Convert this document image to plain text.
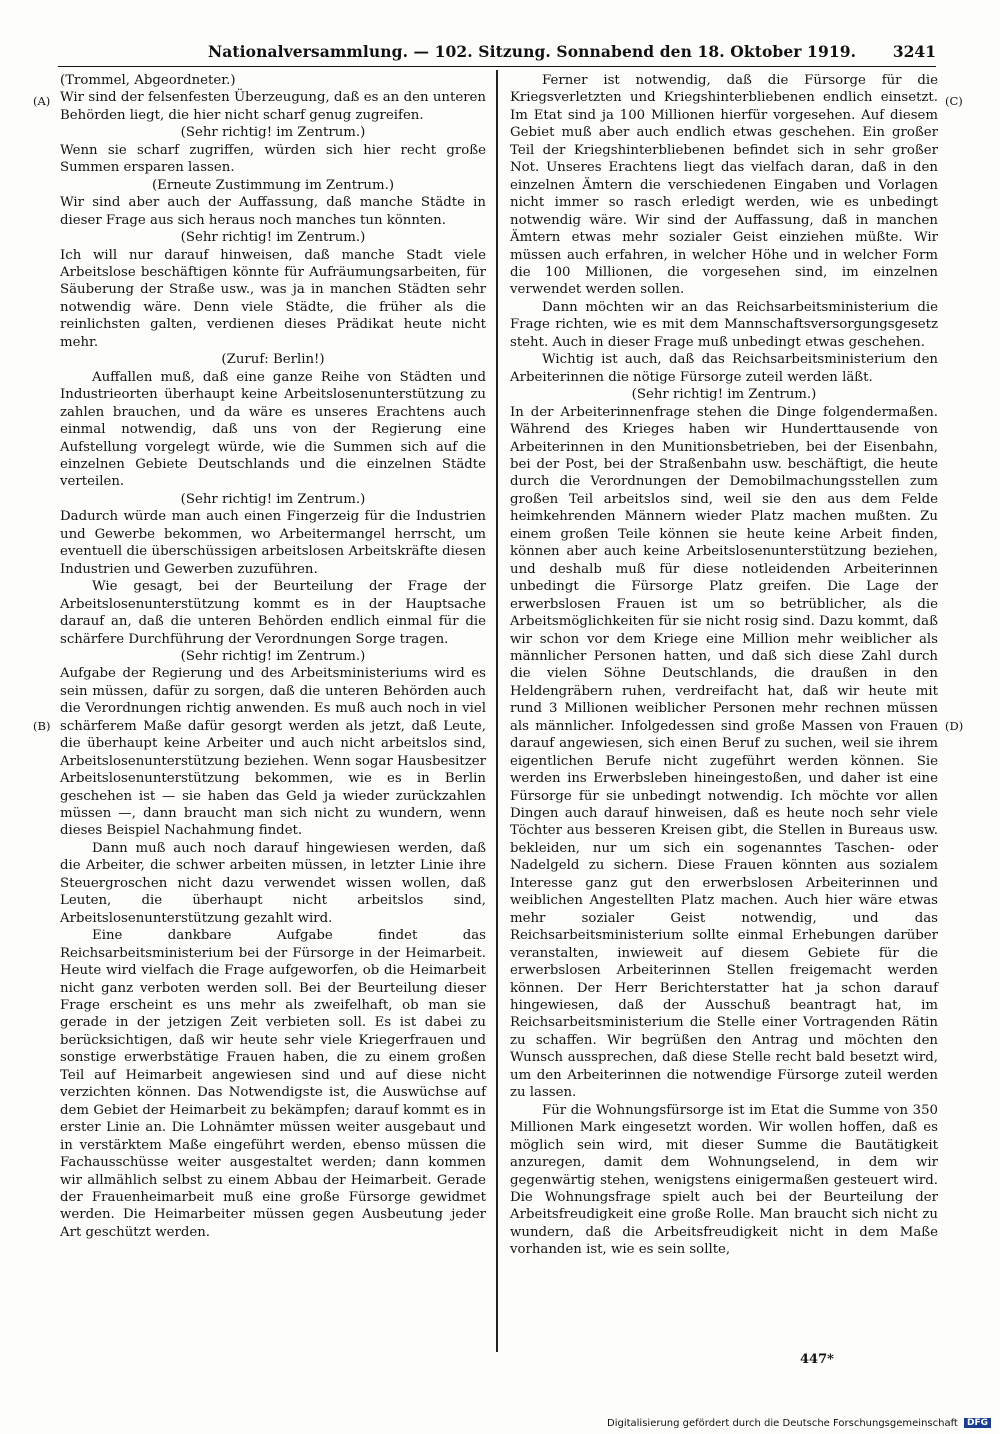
Nationalversammlung. — 102. Sitzung. Sonnabend den 18. Oktober 1919. 3241
(A)
(B)
(C)
(D)

(Trommel, Abgeordneter.)

Wir sind der felsenfesten Überzeugung, daß es an den unteren Behörden liegt, die hier nicht scharf genug zugreifen.

(Sehr richtig! im Zentrum.)

Wenn sie scharf zugriffen, würden sich hier recht große Summen ersparen lassen.

(Erneute Zustimmung im Zentrum.)

Wir sind aber auch der Auffassung, daß manche Städte in dieser Frage aus sich heraus noch manches tun könnten.

(Sehr richtig! im Zentrum.)

Ich will nur darauf hinweisen, daß manche Stadt viele Arbeitslose beschäftigen könnte für Aufräumungsarbeiten, für Säuberung der Straße usw., was ja in manchen Städten sehr notwendig wäre. Denn viele Städte, die früher als die reinlichsten galten, verdienen dieses Prädikat heute nicht mehr.

(Zuruf: Berlin!)

Auffallen muß, daß eine ganze Reihe von Städten und Industrieorten überhaupt keine Arbeitslosenunterstützung zu zahlen brauchen, und da wäre es unseres Erachtens auch einmal notwendig, daß uns von der Regierung eine Aufstellung vorgelegt würde, wie die Summen sich auf die einzelnen Gebiete Deutschlands und die einzelnen Städte verteilen.

(Sehr richtig! im Zentrum.)

Dadurch würde man auch einen Fingerzeig für die Industrien und Gewerbe bekommen, wo Arbeitermangel herrscht, um eventuell die überschüssigen arbeitslosen Arbeitskräfte diesen Industrien und Gewerben zuzuführen.

Wie gesagt, bei der Beurteilung der Frage der Arbeitslosenunterstützung kommt es in der Hauptsache darauf an, daß die unteren Behörden endlich einmal für die schärfere Durchführung der Verordnungen Sorge tragen.

(Sehr richtig! im Zentrum.)

Aufgabe der Regierung und des Arbeitsministeriums wird es sein müssen, dafür zu sorgen, daß die unteren Behörden auch die Verordnungen richtig anwenden. Es muß auch noch in viel schärferem Maße dafür gesorgt werden als jetzt, daß Leute, die überhaupt keine Arbeiter und auch nicht arbeitslos sind, Arbeitslosenunterstützung beziehen. Wenn sogar Hausbesitzer Arbeitslosenunterstützung bekommen, wie es in Berlin geschehen ist — sie haben das Geld ja wieder zurückzahlen müssen —, dann braucht man sich nicht zu wundern, wenn dieses Beispiel Nachahmung findet.

Dann muß auch noch darauf hingewiesen werden, daß die Arbeiter, die schwer arbeiten müssen, in letzter Linie ihre Steuergroschen nicht dazu verwendet wissen wollen, daß Leuten, die überhaupt nicht arbeitslos sind, Arbeitslosenunterstützung gezahlt wird.

Eine dankbare Aufgabe findet das Reichsarbeitsministerium bei der Fürsorge in der Heimarbeit. Heute wird vielfach die Frage aufgeworfen, ob die Heimarbeit nicht ganz verboten werden soll. Bei der Beurteilung dieser Frage erscheint es uns mehr als zweifelhaft, ob man sie gerade in der jetzigen Zeit verbieten soll. Es ist dabei zu berücksichtigen, daß wir heute sehr viele Kriegerfrauen und sonstige erwerbstätige Frauen haben, die zu einem großen Teil auf Heimarbeit angewiesen sind und auf diese nicht verzichten können. Das Notwendigste ist, die Auswüchse auf dem Gebiet der Heimarbeit zu bekämpfen; darauf kommt es in erster Linie an. Die Lohnämter müssen weiter ausgebaut und in verstärktem Maße eingeführt werden, ebenso müssen die Fachausschüsse weiter ausgestaltet werden; dann kommen wir allmählich selbst zu einem Abbau der Heimarbeit. Gerade der Frauenheimarbeit muß eine große Fürsorge gewidmet werden. Die Heimarbeiter müssen gegen Ausbeutung jeder Art geschützt werden.

Ferner ist notwendig, daß die Fürsorge für die Kriegsverletzten und Kriegshinterbliebenen endlich einsetzt. Im Etat sind ja 100 Millionen hierfür vorgesehen. Auf diesem Gebiet muß aber auch endlich etwas geschehen. Ein großer Teil der Kriegshinterbliebenen befindet sich in sehr großer Not. Unseres Erachtens liegt das vielfach daran, daß in den einzelnen Ämtern die verschiedenen Eingaben und Vorlagen nicht immer so rasch erledigt werden, wie es unbedingt notwendig wäre. Wir sind der Auffassung, daß in manchen Ämtern etwas mehr sozialer Geist einziehen müßte. Wir müssen auch erfahren, in welcher Höhe und in welcher Form die 100 Millionen, die vorgesehen sind, im einzelnen verwendet werden sollen.

Dann möchten wir an das Reichsarbeitsministerium die Frage richten, wie es mit dem Mannschaftsversorgungsgesetz steht. Auch in dieser Frage muß unbedingt etwas geschehen.

Wichtig ist auch, daß das Reichsarbeitsministerium den Arbeiterinnen die nötige Fürsorge zuteil werden läßt.

(Sehr richtig! im Zentrum.)

In der Arbeiterinnenfrage stehen die Dinge folgendermaßen. Während des Krieges haben wir Hunderttausende von Arbeiterinnen in den Munitionsbetrieben, bei der Eisenbahn, bei der Post, bei der Straßenbahn usw. beschäftigt, die heute durch die Verordnungen der Demobilmachungsstellen zum großen Teil arbeitslos sind, weil sie den aus dem Felde heimkehrenden Männern wieder Platz machen mußten. Zu einem großen Teile können sie heute keine Arbeit finden, können aber auch keine Arbeitslosenunterstützung beziehen, und deshalb muß für diese notleidenden Arbeiterinnen unbedingt die Fürsorge Platz greifen. Die Lage der erwerbslosen Frauen ist um so betrüblicher, als die Arbeitsmöglichkeiten für sie nicht rosig sind. Dazu kommt, daß wir schon vor dem Kriege eine Million mehr weiblicher als männlicher Personen hatten, und daß sich diese Zahl durch die vielen Söhne Deutschlands, die draußen in den Heldengräbern ruhen, verdreifacht hat, daß wir heute mit rund 3 Millionen weiblicher Personen mehr rechnen müssen als männlicher. Infolgedessen sind große Massen von Frauen darauf angewiesen, sich einen Beruf zu suchen, weil sie ihrem eigentlichen Berufe nicht zugeführt werden können. Sie werden ins Erwerbsleben hineingestoßen, und daher ist eine Fürsorge für sie unbedingt notwendig. Ich möchte vor allen Dingen auch darauf hinweisen, daß es heute noch sehr viele Töchter aus besseren Kreisen gibt, die Stellen in Bureaus usw. bekleiden, nur um sich ein sogenanntes Taschen- oder Nadelgeld zu sichern. Diese Frauen könnten aus sozialem Interesse ganz gut den erwerbslosen Arbeiterinnen und weiblichen Angestellten Platz machen. Auch hier wäre etwas mehr sozialer Geist notwendig, und das Reichsarbeitsministerium sollte einmal Erhebungen darüber veranstalten, inwieweit auf diesem Gebiete für die erwerbslosen Arbeiterinnen Stellen freigemacht werden können. Der Herr Berichterstatter hat ja schon darauf hingewiesen, daß der Ausschuß beantragt hat, im Reichsarbeitsministerium die Stelle einer Vortragenden Rätin zu schaffen. Wir begrüßen den Antrag und möchten den Wunsch aussprechen, daß diese Stelle recht bald besetzt wird, um den Arbeiterinnen die notwendige Fürsorge zuteil werden zu lassen.

Für die Wohnungsfürsorge ist im Etat die Summe von 350 Millionen Mark eingesetzt worden. Wir wollen hoffen, daß es möglich sein wird, mit dieser Summe die Bautätigkeit anzuregen, damit dem Wohnungselend, in dem wir gegenwärtig stehen, wenigstens einigermaßen gesteuert wird. Die Wohnungsfrage spielt auch bei der Beurteilung der Arbeitsfreudigkeit eine große Rolle. Man braucht sich nicht zu wundern, daß die Arbeitsfreudigkeit nicht in dem Maße vorhanden ist, wie es sein sollte,

447*
Digitalisierung gefördert durch die Deutsche Forschungsgemeinschaft DFG
